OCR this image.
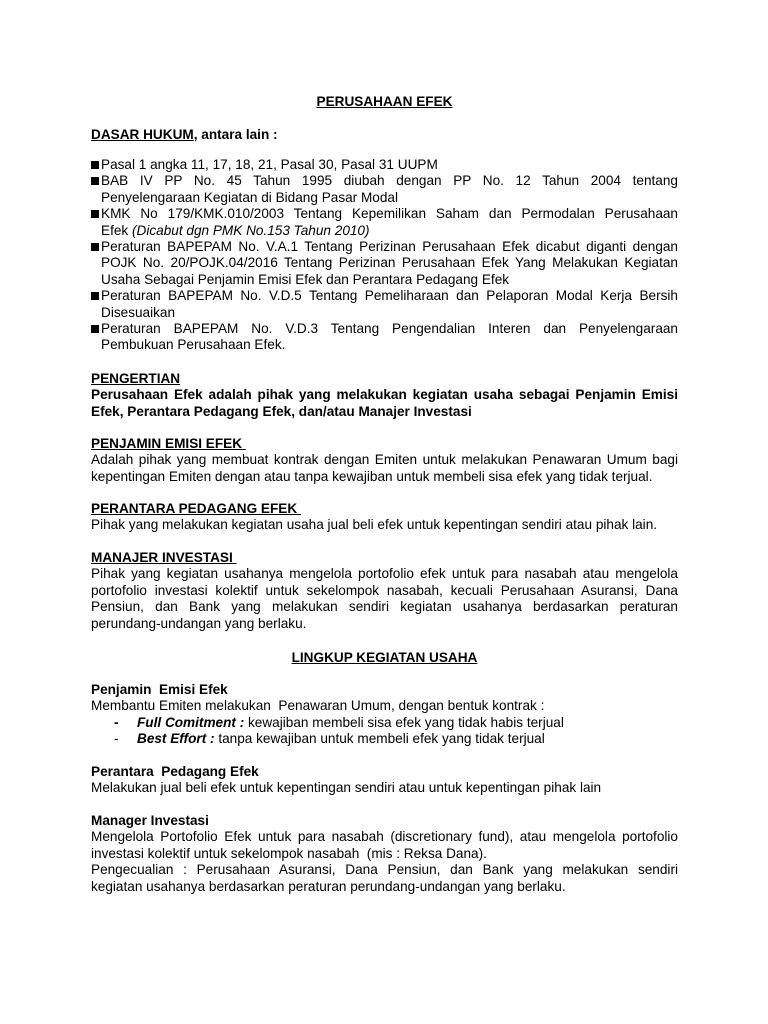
PERUSAHAAN EFEK
DASAR HUKUM, antara lain :
Pasal 1 angka 11, 17, 18, 21, Pasal 30, Pasal 31 UUPM
BAB IV PP No. 45 Tahun 1995 diubah dengan PP No. 12 Tahun 2004 tentang
Penyelengaraan Kegiatan di Bidang Pasar Modal
KMK No 179/KMK.010/2003 Tentang Kepemilikan Saham dan Permodalan Perusahaan
Efek (Dicabut dgn PMK No.153 Tahun 2010)
Peraturan BAPEPAM No. V.A.1 Tentang Perizinan Perusahaan Efek dicabut diganti dengan
POJK No. 20/POJK.04/2016 Tentang Perizinan Perusahaan Efek Yang Melakukan Kegiatan
Usaha Sebagai Penjamin Emisi Efek dan Perantara Pedagang Efek
Peraturan BAPEPAM No. V.D.5 Tentang Pemeliharaan dan Pelaporan Modal Kerja Bersih
Disesuaikan
Peraturan BAPEPAM No. V.D.3 Tentang Pengendalian Interen dan Penyelengaraan
Pembukuan Perusahaan Efek.
PENGERTIAN
Perusahaan Efek adalah pihak yang melakukan kegiatan usaha sebagai Penjamin Emisi
Efek, Perantara Pedagang Efek, dan/atau Manajer Investasi
PENJAMIN EMISI EFEK
Adalah pihak yang membuat kontrak dengan Emiten untuk melakukan Penawaran Umum bagi
kepentingan Emiten dengan atau tanpa kewajiban untuk membeli sisa efek yang tidak terjual.
PERANTARA PEDAGANG EFEK
Pihak yang melakukan kegiatan usaha jual beli efek untuk kepentingan sendiri atau pihak lain.
MANAJER INVESTASI
Pihak yang kegiatan usahanya mengelola portofolio efek untuk para nasabah atau mengelola
portofolio investasi kolektif untuk sekelompok nasabah, kecuali Perusahaan Asuransi, Dana
Pensiun, dan Bank yang melakukan sendiri kegiatan usahanya berdasarkan peraturan
perundang-undangan yang berlaku.
LINGKUP KEGIATAN USAHA
Penjamin  Emisi Efek
Membantu Emiten melakukan  Penawaran Umum, dengan bentuk kontrak :
- Full Comitment : kewajiban membeli sisa efek yang tidak habis terjual
- Best Effort : tanpa kewajiban untuk membeli efek yang tidak terjual
Perantara  Pedagang Efek
Melakukan jual beli efek untuk kepentingan sendiri atau untuk kepentingan pihak lain
Manager Investasi
Mengelola Portofolio Efek untuk para nasabah (discretionary fund), atau mengelola portofolio
investasi kolektif untuk sekelompok nasabah  (mis : Reksa Dana).
Pengecualian : Perusahaan Asuransi, Dana Pensiun, dan Bank yang melakukan sendiri
kegiatan usahanya berdasarkan peraturan perundang-undangan yang berlaku.
